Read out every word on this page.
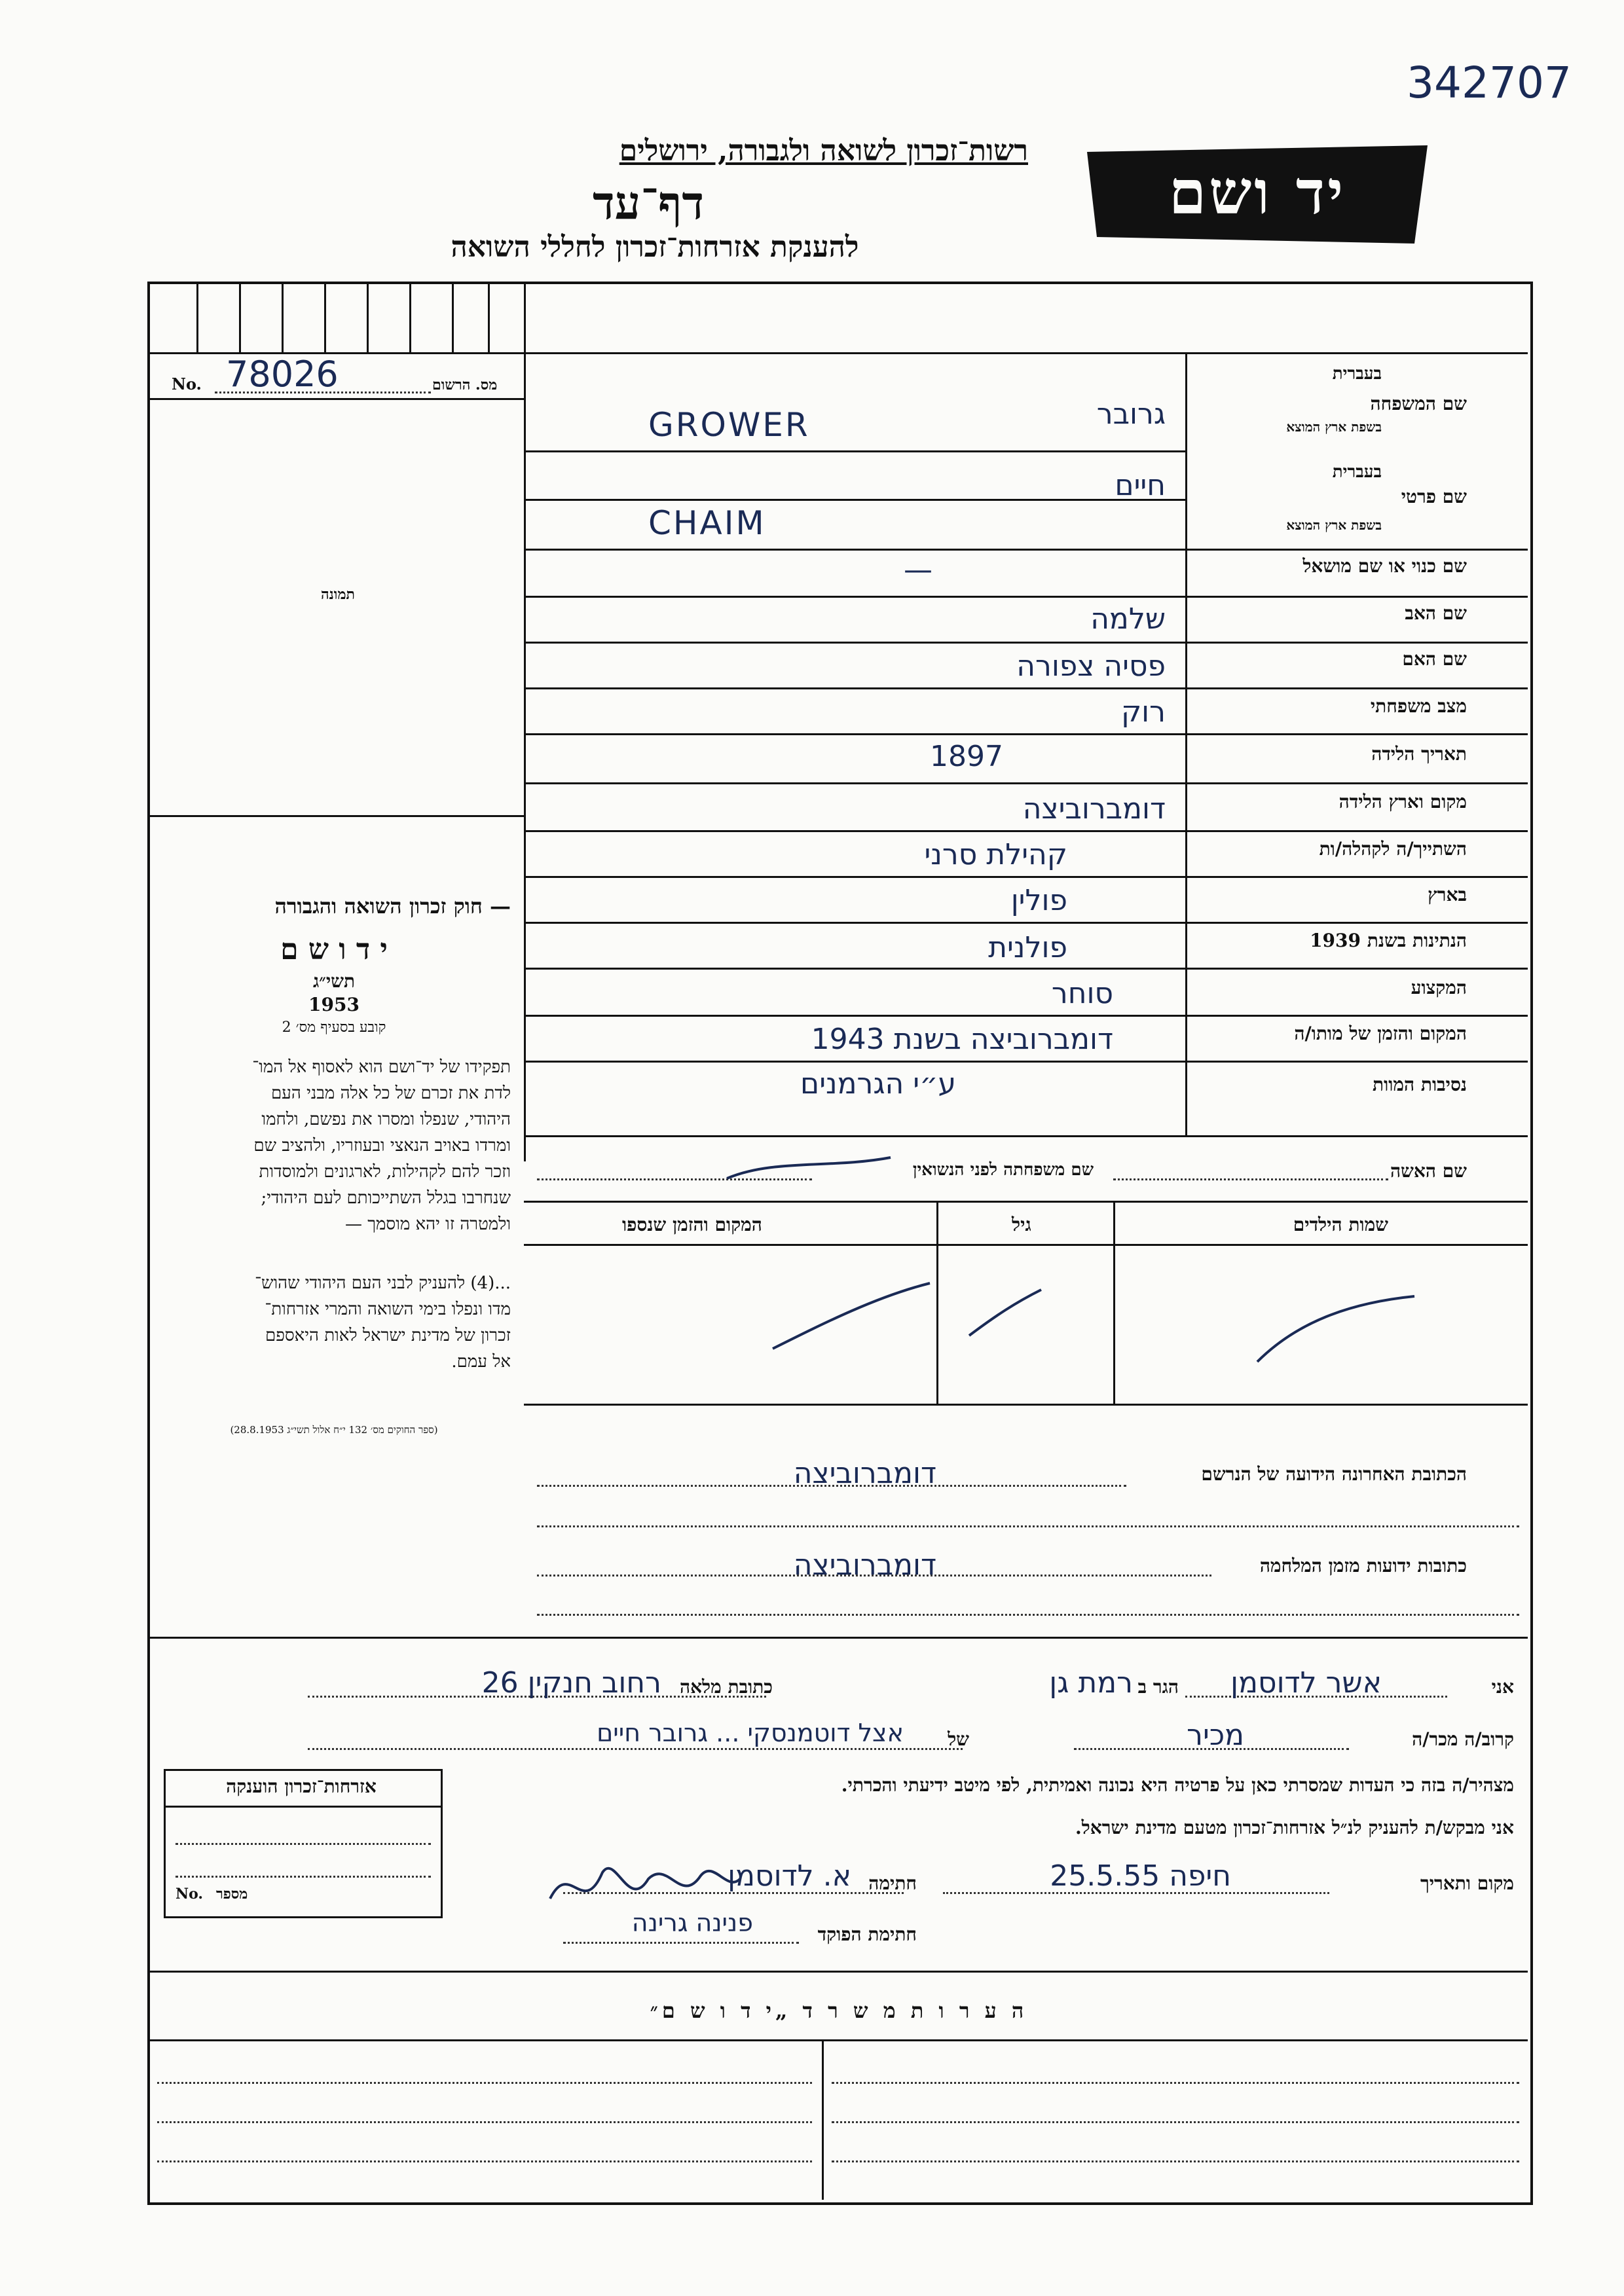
342707
יד ושם
רשות־זכרון לשואה ולגבורה, ירושלים
דף־עד
להענקת אזרחות־זכרון לחללי השואה
No. 78026	מס. הרשום
תמונה
— חוק זכרון השואה והגבורה
י ד ו ש ם
תשי״ג
1953
קובע בסעיף מס׳ 2
תפקידו של יד־ושם הוא לאסוף אל המו־
לדת את זכרם של כל אלה מבני העם
היהודי, שנפלו ומסרו את נפשם, ולחמו
ומרדו באויב הנאצי ובעוזריו, ולהציב שם
וזכר להם לקהילות, לארגונים ולמוסדות
שנחרבו בגלל השתייכותם לעם היהודי;
ולמטרה זו יהא מוסמך —
...(4) להעניק לבני העם היהודי שהוש־
מדו ונפלו בימי השואה והמרי אזרחות־
זכרון של מדינת ישראל לאות היאספם
אל עמם.
(ספר החוקים מס׳ 132 י״ח אלול תשי״ג 28.8.1953)
שם המשפחה
בעברית
בשפת ארץ המוצא
גרובר
GROWER
שם פרטי
בעברית
בשפת ארץ המוצא
חיים
CHAIM
שם כנוי או שם מושאל
—
שם האב
שלמה
שם האם
פסיה צפורה
מצב משפחתי
רוק
תאריך הלידה
1897
מקום וארץ הלידה
דומברוביצה
השתייך/ה לקהלה/ות
קהילת סרני
בארץ
פולין
הנתינות בשנת 1939
פולנית
המקצוע
סוחר
המקום והזמן של מותו/ה
דומברוביצה בשנת 1943
נסיבות המוות
ע״י הגרמנים
שם האשה
שם משפחתה לפני הנשואין
שמות הילדים
גיל
המקום והזמן שנספו
הכתובת האחרונה הידועה של הנרשם
דומברוביצה
כתובות ידועות מזמן המלחמה
דומברוביצה
אני
אשר לדוסמן
הגר ב
רמת גן
כתובת מלאה
רחוב חנקין 26
קרוב/ה מכר/ה
מכיר
של
אצל דוטמנסקי ... גרובר חיים
מצהיר/ה בזה כי העדות שמסרתי כאן על פרטיה היא נכונה ואמיתית, לפי מיטב ידיעתי והכרתי.
אני מבקש/ת להעניק לנ״ל אזרחות־זכרון מטעם מדינת ישראל.
מקום ותאריך
חיפה 25.5.55
חתימה
א. לדוסמן
חתימת הפוקד
פנינה גרינה
אזרחות־זכרון הוענקה
No. מספר
ה ע ר ו ת מ ש ר ד „י ד ו ש ם״
